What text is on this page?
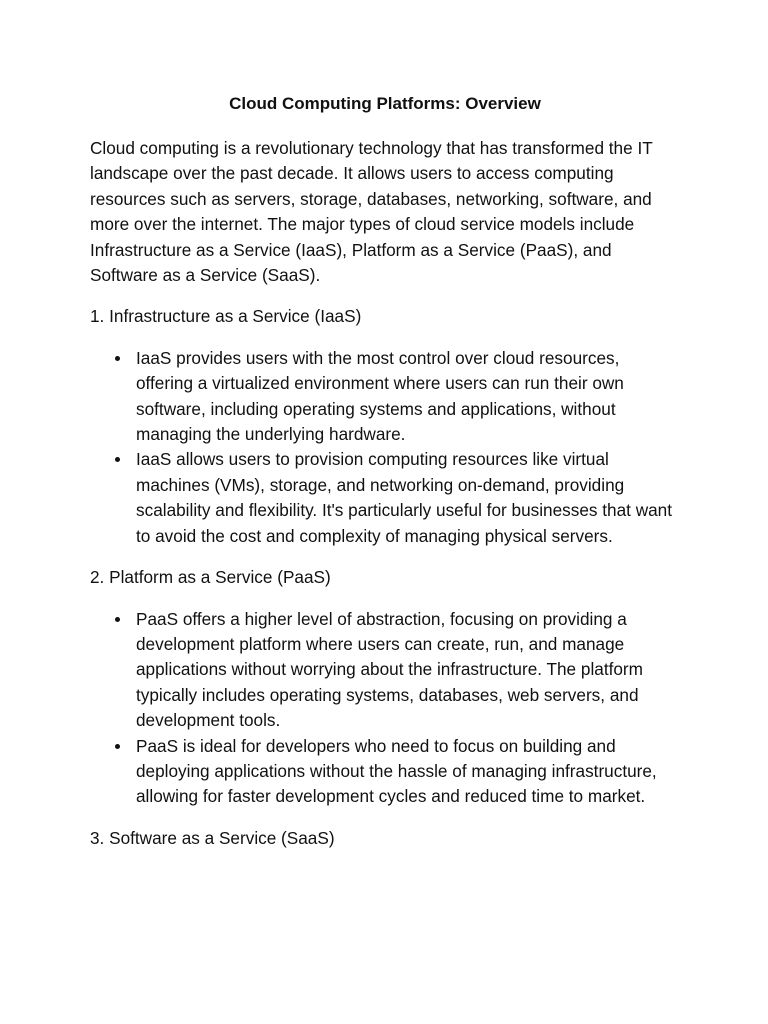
Cloud Computing Platforms: Overview

Cloud computing is a revolutionary technology that has transformed the IT landscape over the past decade. It allows users to access computing resources such as servers, storage, databases, networking, software, and more over the internet. The major types of cloud service models include Infrastructure as a Service (IaaS), Platform as a Service (PaaS), and Software as a Service (SaaS).

1. Infrastructure as a Service (IaaS)

IaaS provides users with the most control over cloud resources, offering a virtualized environment where users can run their own software, including operating systems and applications, without managing the underlying hardware.
IaaS allows users to provision computing resources like virtual machines (VMs), storage, and networking on-demand, providing scalability and flexibility. It's particularly useful for businesses that want to avoid the cost and complexity of managing physical servers.

2. Platform as a Service (PaaS)

PaaS offers a higher level of abstraction, focusing on providing a development platform where users can create, run, and manage applications without worrying about the infrastructure. The platform typically includes operating systems, databases, web servers, and development tools.
PaaS is ideal for developers who need to focus on building and deploying applications without the hassle of managing infrastructure, allowing for faster development cycles and reduced time to market.

3. Software as a Service (SaaS)
